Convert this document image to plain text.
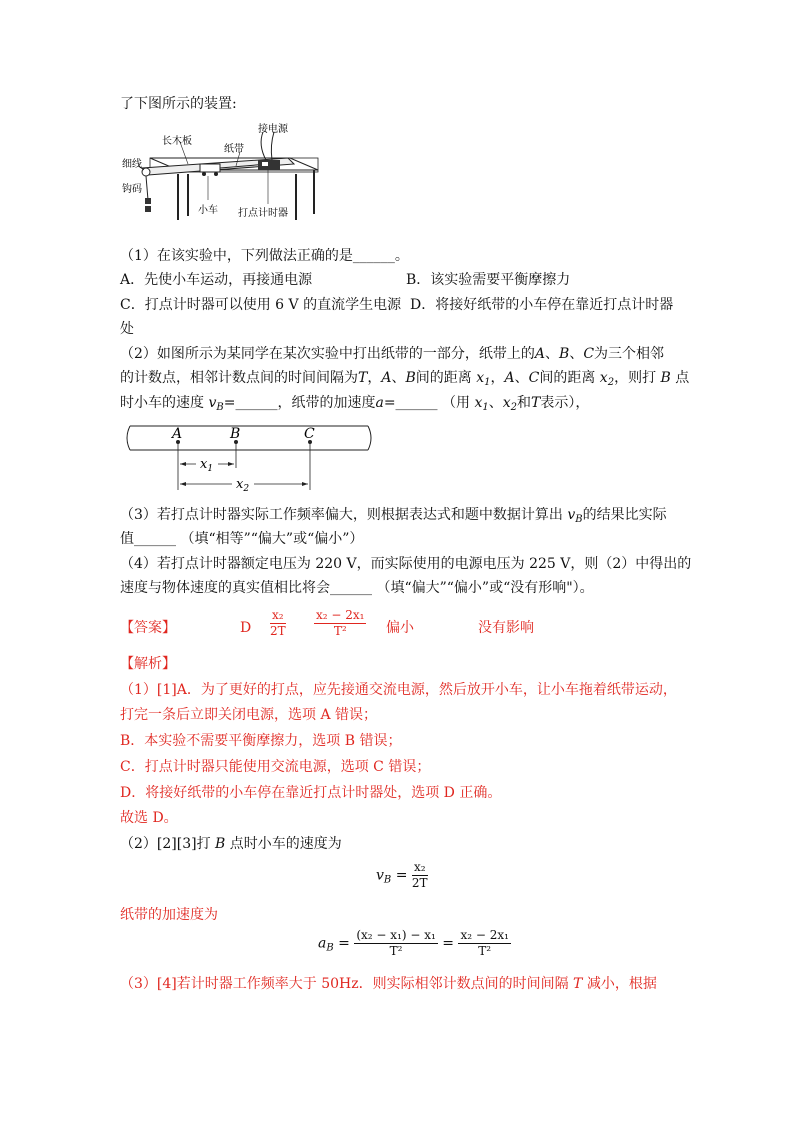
了下图所示的装置:
接电源
长木板
纸带
细线
钩码
小车 打点计时器
（1）在该实验中，下列做法正确的是______。
A．先使小车运动，再接通电源	B．该实验需要平衡摩擦力
C．打点计时器可以使用 6 V 的直流学生电源 D．将接好纸带的小车停在靠近打点计时器
处
（2）如图所示为某同学在某次实验中打出纸带的一部分，纸带上的A、B、C为三个相邻
的计数点，相邻计数点间的时间间隔为T，A、B间的距离 $x_1$，A、C间的距离 $x_2$，则打 B 点
时小车的速度 $v_B=\_\_\_\_\_\_$，纸带的加速度a=______ （用 $x_1$、$x_2$和T表示），
A	B	C
$x_1$
$x_2$
（3）若打点计时器实际工作频率偏大，则根据表达式和题中数据计算出 $v_B$的结果比实际
值______ （填“相等”“偏大”或“偏小”）
（4）若打点计时器额定电压为 220 V，而实际使用的电源电压为 225 V，则（2）中得出的
速度与物体速度的真实值相比将会______ （填“偏大”“偏小”或“没有形响"）。
【答案】	D $\frac{\text{x₂}}{2T} \frac{\text{x₂ − 2x₁}}{\text{T²}}$ 偏小	没有影响
【解析】
（1）[1]A．为了更好的打点，应先接通交流电源，然后放开小车，让小车拖着纸带运动，
打完一条后立即关闭电源，选项 A 错误；
B．本实验不需要平衡摩擦力，选项 B 错误；
C．打点计时器只能使用交流电源，选项 C 错误；
D．将接好纸带的小车停在靠近打点计时器处，选项 D 正确。
故选 D。
（2）[2][3]打 B 点时小车的速度为
$v_B = \frac{\text{x₂}}{2T}$
纸带的加速度为
$a_B = \frac{\text{(x₂ − x₁) − x₁}}{\text{T²}} = \frac{\text{x₂ − 2x₁}}{\text{T²}}$
（3）[4]若计时器工作频率大于 50Hz．则实际相邻计数点间的时间间隔 T 减小，根据
